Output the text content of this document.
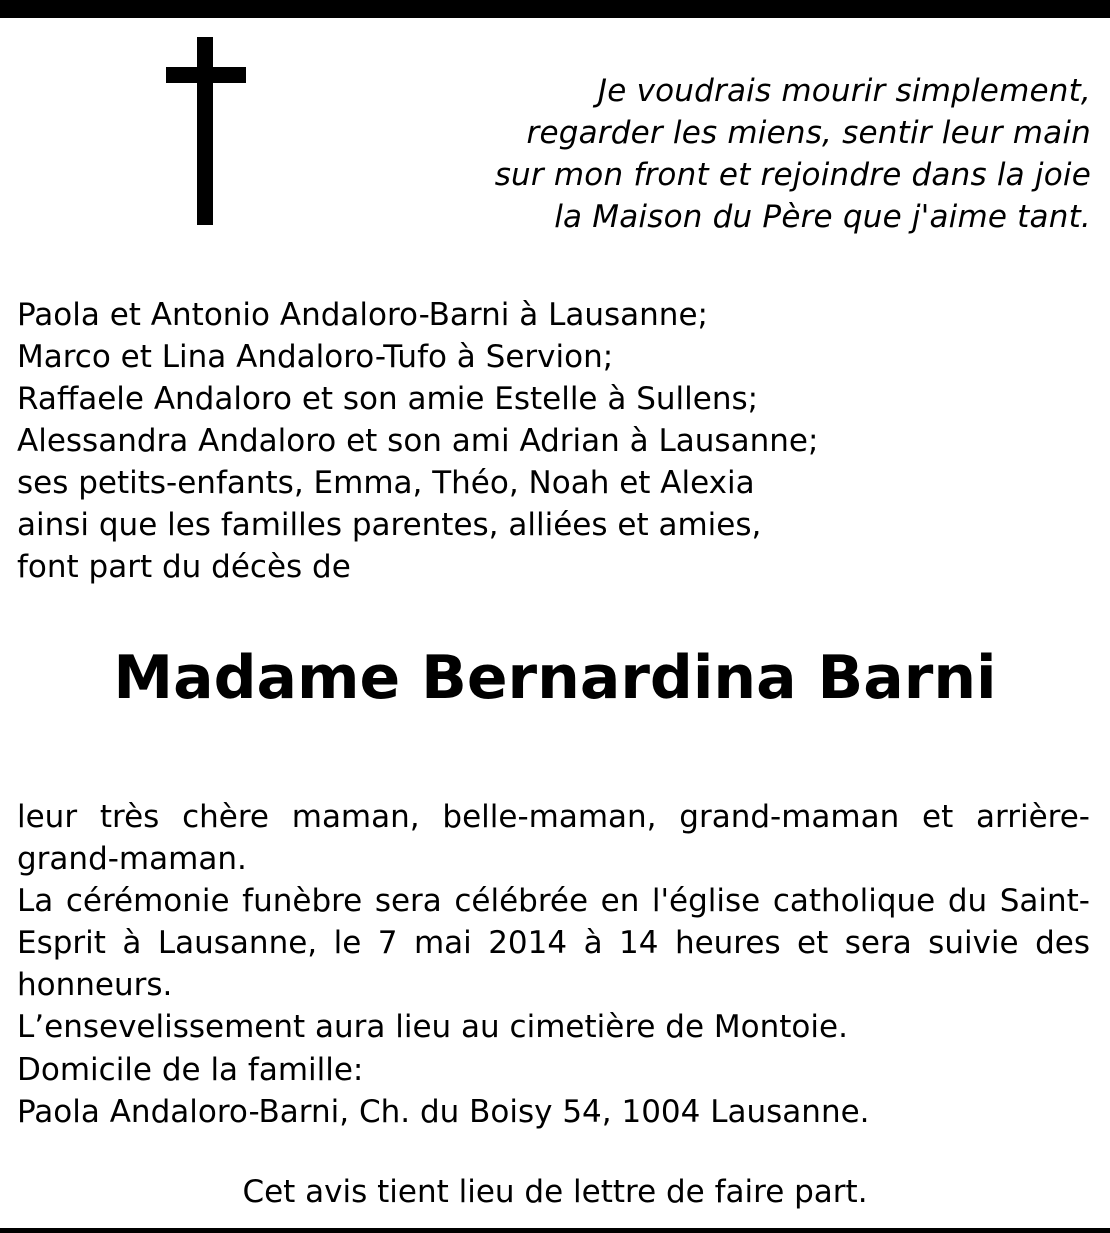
Je voudrais mourir simplement,
regarder les miens, sentir leur main
sur mon front et rejoindre dans la joie
la Maison du Père que j'aime tant.
Paola et Antonio Andaloro-Barni à Lausanne;
Marco et Lina Andaloro-Tufo à Servion;
Raffaele Andaloro et son amie Estelle à Sullens;
Alessandra Andaloro et son ami Adrian à Lausanne;
ses petits-enfants, Emma, Théo, Noah et Alexia
ainsi que les familles parentes, alliées et amies,
font part du décès de
Madame Bernardina Barni
leur très chère maman, belle-maman, grand-maman et arrière-grand-maman.
La cérémonie funèbre sera célébrée en l'église catholique du Saint-Esprit à Lausanne, le 7 mai 2014 à 14 heures et sera suivie des honneurs.
L’ensevelissement aura lieu au cimetière de Montoie.
Domicile de la famille:
Paola Andaloro-Barni, Ch. du Boisy 54, 1004 Lausanne.
Cet avis tient lieu de lettre de faire part.
